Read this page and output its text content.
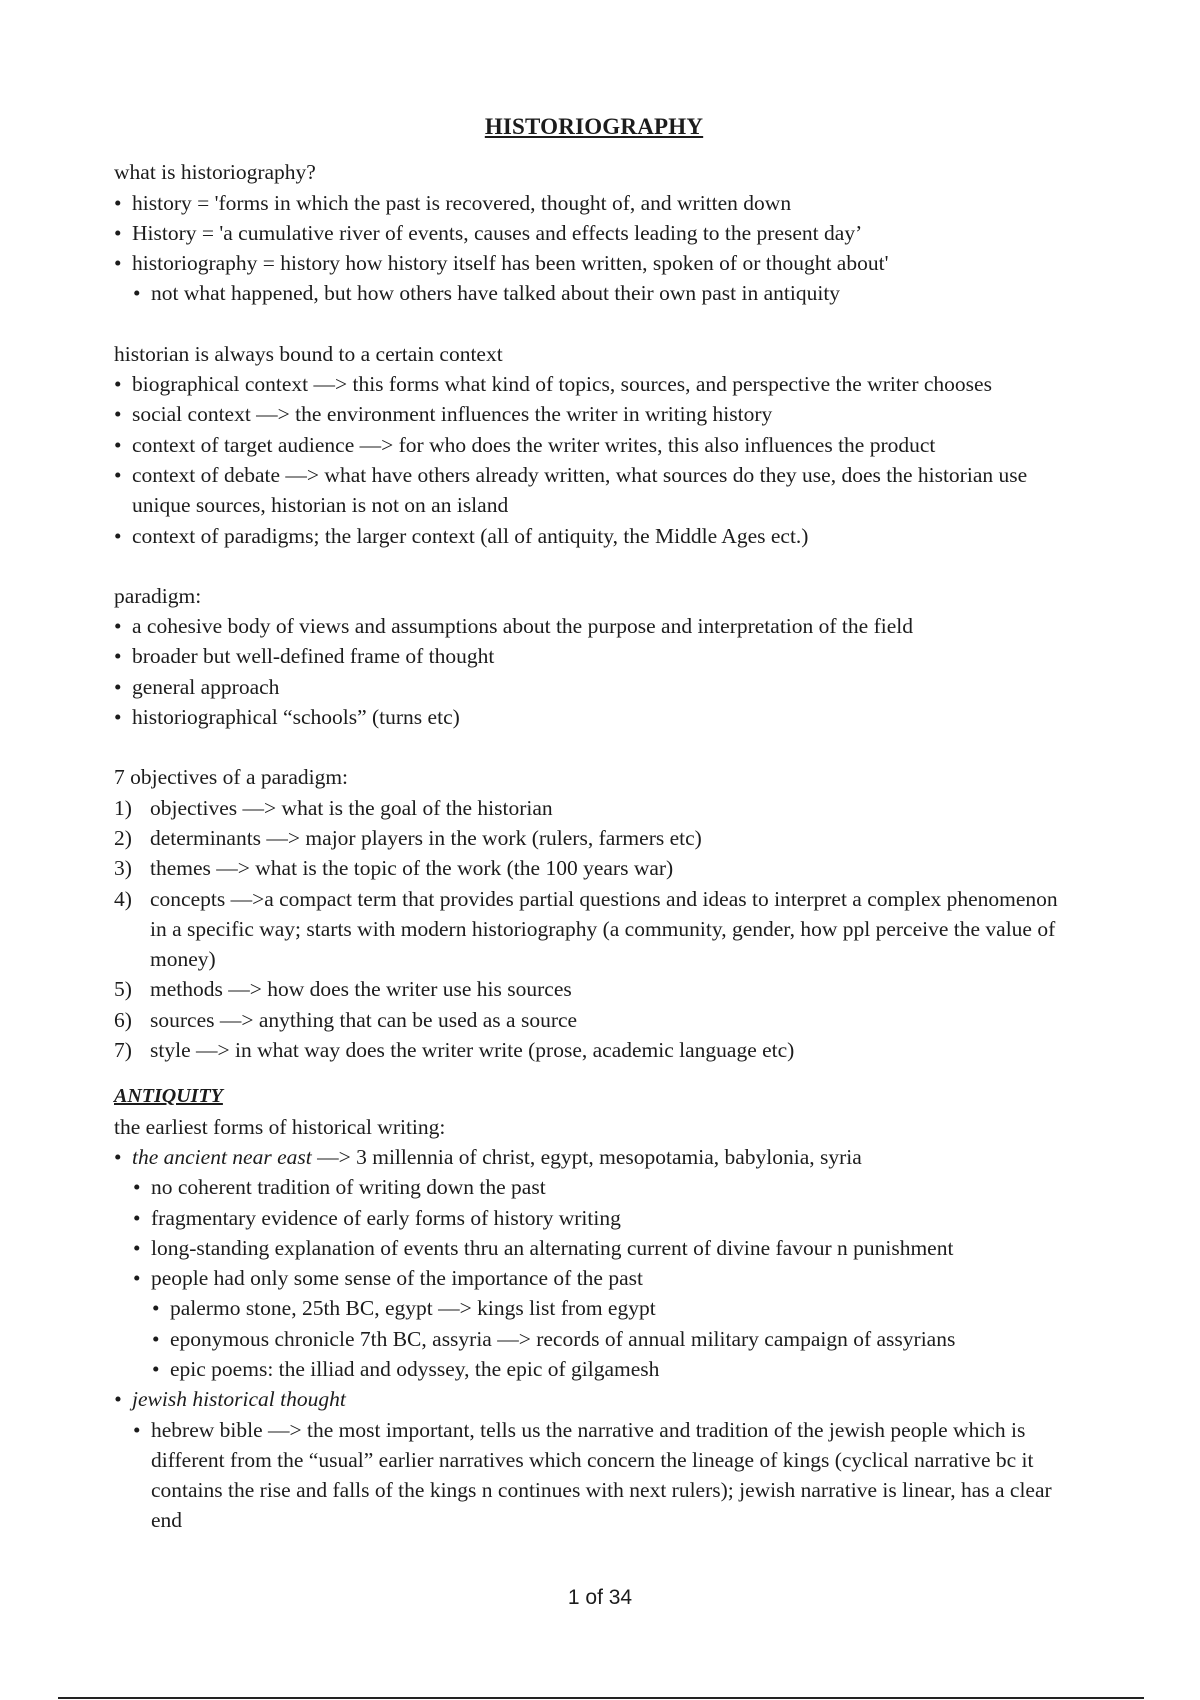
HISTORIOGRAPHY
what is historiography?
• history = 'forms in which the past is recovered, thought of, and written down
• History = 'a cumulative river of events, causes and effects leading to the present day’
• historiography = history how history itself has been written, spoken of or thought about'
• not what happened, but how others have talked about their own past in antiquity
historian is always bound to a certain context
• biographical context —> this forms what kind of topics, sources, and perspective the writer chooses
• social context —> the environment influences the writer in writing history
• context of target audience —> for who does the writer writes, this also influences the product
• context of debate —> what have others already written, what sources do they use, does the historian use unique sources, historian is not on an island
• context of paradigms; the larger context (all of antiquity, the Middle Ages ect.)
paradigm:
• a cohesive body of views and assumptions about the purpose and interpretation of the field
• broader but well-defined frame of thought
• general approach
• historiographical “schools” (turns etc)
7 objectives of a paradigm:
1) objectives —> what is the goal of the historian
2) determinants —> major players in the work (rulers, farmers etc)
3) themes —> what is the topic of the work (the 100 years war)
4) concepts —>a compact term that provides partial questions and ideas to interpret a complex phenomenon in a specific way; starts with modern historiography (a community, gender, how ppl perceive the value of money)
5) methods —> how does the writer use his sources
6) sources —> anything that can be used as a source
7) style —> in what way does the writer write (prose, academic language etc)
ANTIQUITY
the earliest forms of historical writing:
• the ancient near east —> 3 millennia of christ, egypt, mesopotamia, babylonia, syria
• no coherent tradition of writing down the past
• fragmentary evidence of early forms of history writing
• long-standing explanation of events thru an alternating current of divine favour n punishment
• people had only some sense of the importance of the past
• palermo stone, 25th BC, egypt —> kings list from egypt
• eponymous chronicle 7th BC, assyria —> records of annual military campaign of assyrians
• epic poems: the illiad and odyssey, the epic of gilgamesh
• jewish historical thought
• hebrew bible —> the most important, tells us the narrative and tradition of the jewish people which is different from the “usual” earlier narratives which concern the lineage of kings (cyclical narrative bc it contains the rise and falls of the kings n continues with next rulers); jewish narrative is linear, has a clear end
1 of 34
